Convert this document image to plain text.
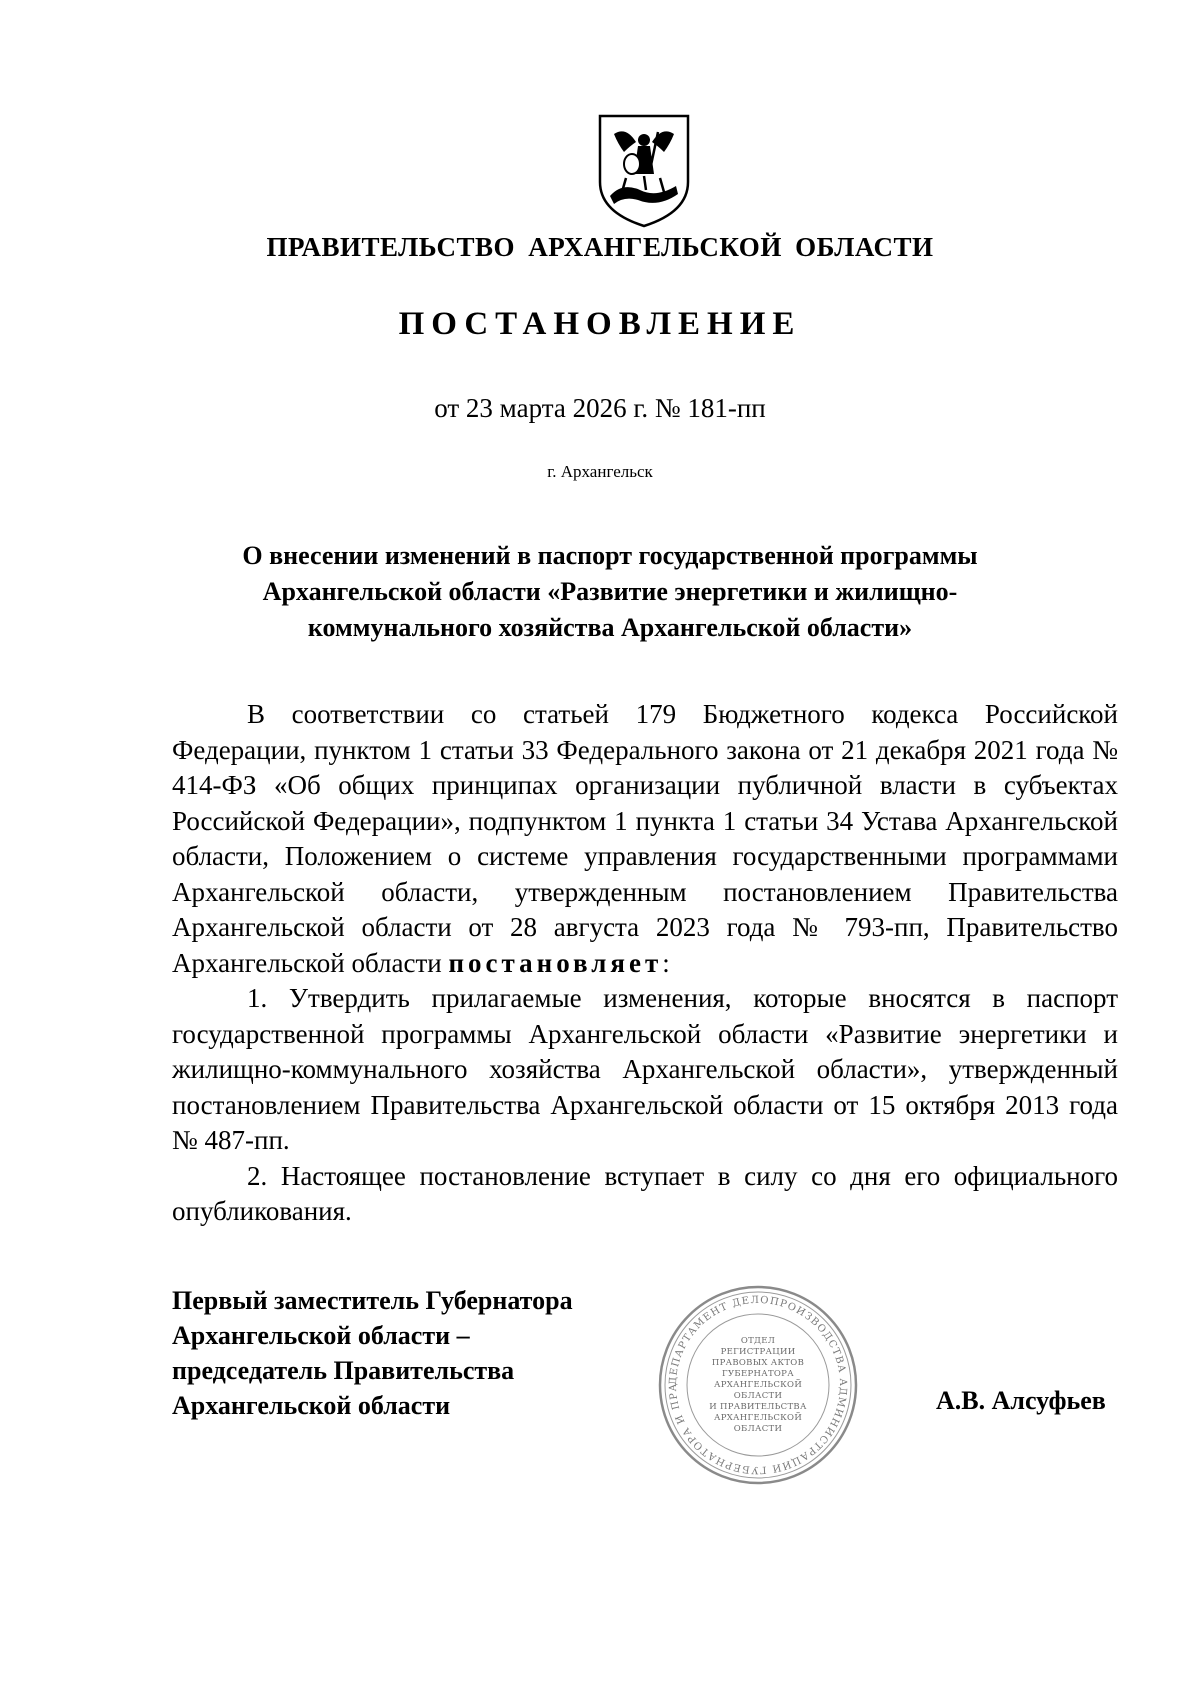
ПРАВИТЕЛЬСТВО АРХАНГЕЛЬСКОЙ ОБЛАСТИ
ПОСТАНОВЛЕНИЕ
от 23 марта 2026 г. № 181-пп
г. Архангельск
О внесении изменений в паспорт государственной программы
Архангельской области «Развитие энергетики и жилищно-
коммунального хозяйства Архангельской области»

В соответствии со статьей 179 Бюджетного кодекса Российской Федерации, пунктом 1 статьи 33 Федерального закона от 21 декабря 2021 года № 414-ФЗ «Об общих принципах организации публичной власти в субъектах Российской Федерации», подпунктом 1 пункта 1 статьи 34 Устава Архангельской области, Положением о системе управления государственными программами Архангельской области, утвержденным постановлением Правительства Архангельской области от 28 августа 2023 года № 793-пп, Правительство Архангельской области постановляет:

1. Утвердить прилагаемые изменения, которые вносятся в паспорт государственной программы Архангельской области «Развитие энергетики и жилищно-коммунального хозяйства Архангельской области», утвержденный постановлением Правительства Архангельской области от 15 октября 2013 года № 487-пп.

2. Настоящее постановление вступает в силу со дня его официального опубликования.

Первый заместитель Губернатора
Архангельской области –
председатель Правительства
Архангельской области
ДЕПАРТАМЕНТ ДЕЛОПРОИЗВОДСТВА АДМИНИСТРАЦИИ ГУБЕРНАТОРА И ПРА
ОТДЕЛ
РЕГИСТРАЦИИ
ПРАВОВЫХ АКТОВ
ГУБЕРНАТОРА
АРХАНГЕЛЬСКОЙ
ОБЛАСТИ
И ПРАВИТЕЛЬСТВА
АРХАНГЕЛЬСКОЙ
ОБЛАСТИ
А.В. Алсуфьев
